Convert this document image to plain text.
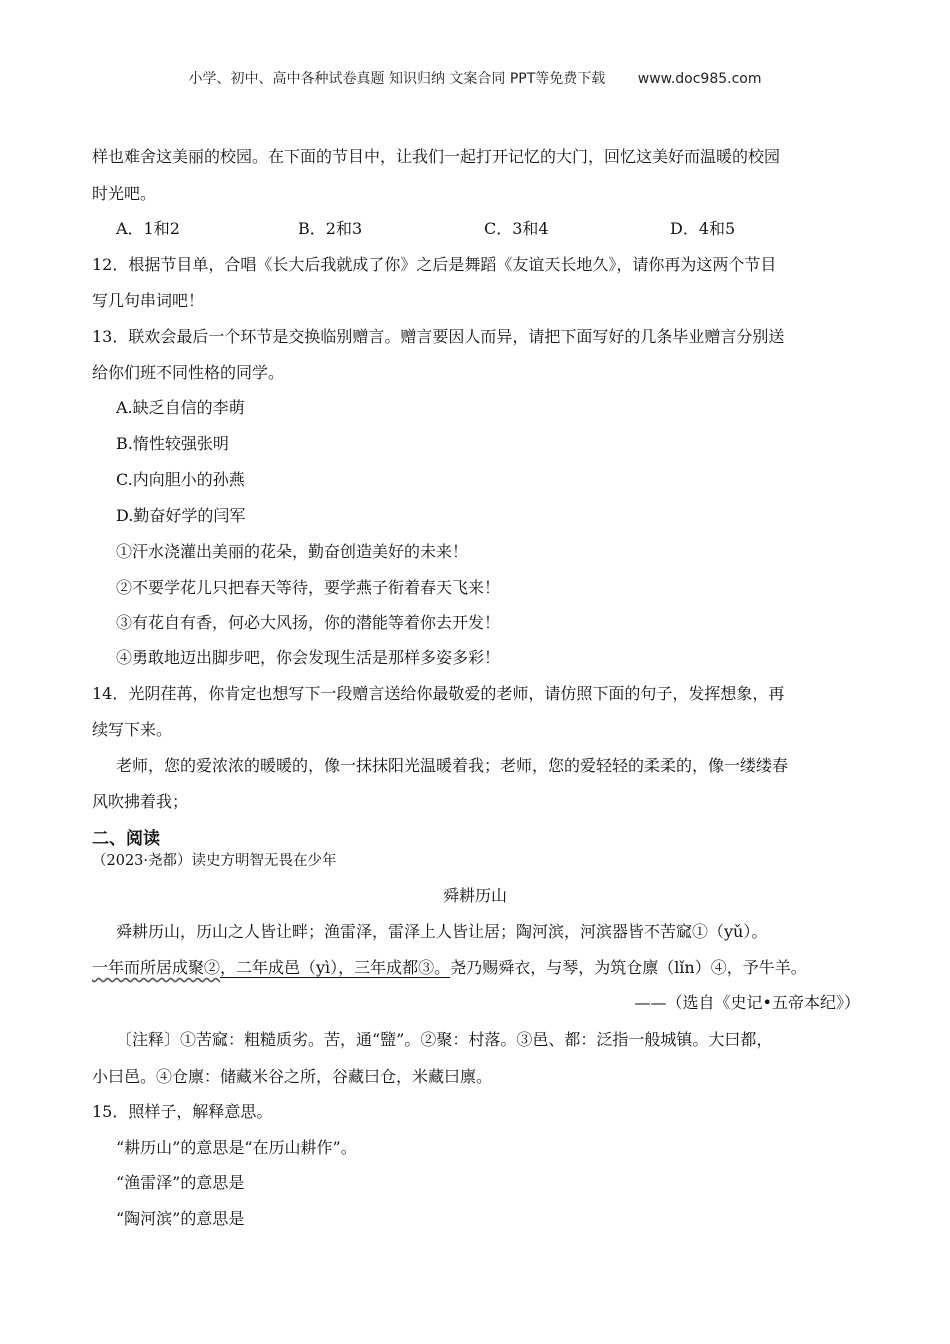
小学、初中、高中各种试卷真题 知识归纳 文案合同 PPT等免费下载 www.doc985.com
样也难舍这美丽的校园。在下面的节目中，让我们一起打开记忆的大门，回忆这美好而温暖的校园
时光吧。
A．1和2	B．2和3	C．3和4	D．4和5
12．根据节目单，合唱《长大后我就成了你》之后是舞蹈《友谊天长地久》，请你再为这两个节目
写几句串词吧！
13．联欢会最后一个环节是交换临别赠言。赠言要因人而异，请把下面写好的几条毕业赠言分别送
给你们班不同性格的同学。
A.缺乏自信的李萌
B.惰性较强张明
C.内向胆小的孙燕
D.勤奋好学的闫军
①汗水浇灌出美丽的花朵，勤奋创造美好的未来！
②不要学花儿只把春天等待，要学燕子衔着春天飞来！
③有花自有香，何必大风扬，你的潜能等着你去开发！
④勇敢地迈出脚步吧，你会发现生活是那样多姿多彩！
14．光阴荏苒，你肯定也想写下一段赠言送给你最敬爱的老师，请仿照下面的句子，发挥想象，再
续写下来。
老师，您的爱浓浓的暖暖的，像一抹抹阳光温暖着我；老师，您的爱轻轻的柔柔的，像一缕缕春
风吹拂着我；
二、阅读
（2023·尧都）读史方明智无畏在少年
舜耕历山
舜耕历山，历山之人皆让畔；渔雷泽，雷泽上人皆让居；陶河滨，河滨器皆不苦窳①（yǔ）。
一年而所居成聚②，二年成邑（yì），三年成都③。尧乃赐舜衣，与琴，为筑仓廪（lǐn）④，予牛羊。
——（选自《史记•五帝本纪》）
〔注释〕①苦窳：粗糙质劣。苦，通“盬”。②聚：村落。③邑、都：泛指一般城镇。大曰都，
小曰邑。④仓廪：储藏米谷之所，谷藏曰仓，米藏曰廪。
15．照样子，解释意思。
“耕历山”的意思是“在历山耕作”。
“渔雷泽”的意思是
“陶河滨”的意思是
